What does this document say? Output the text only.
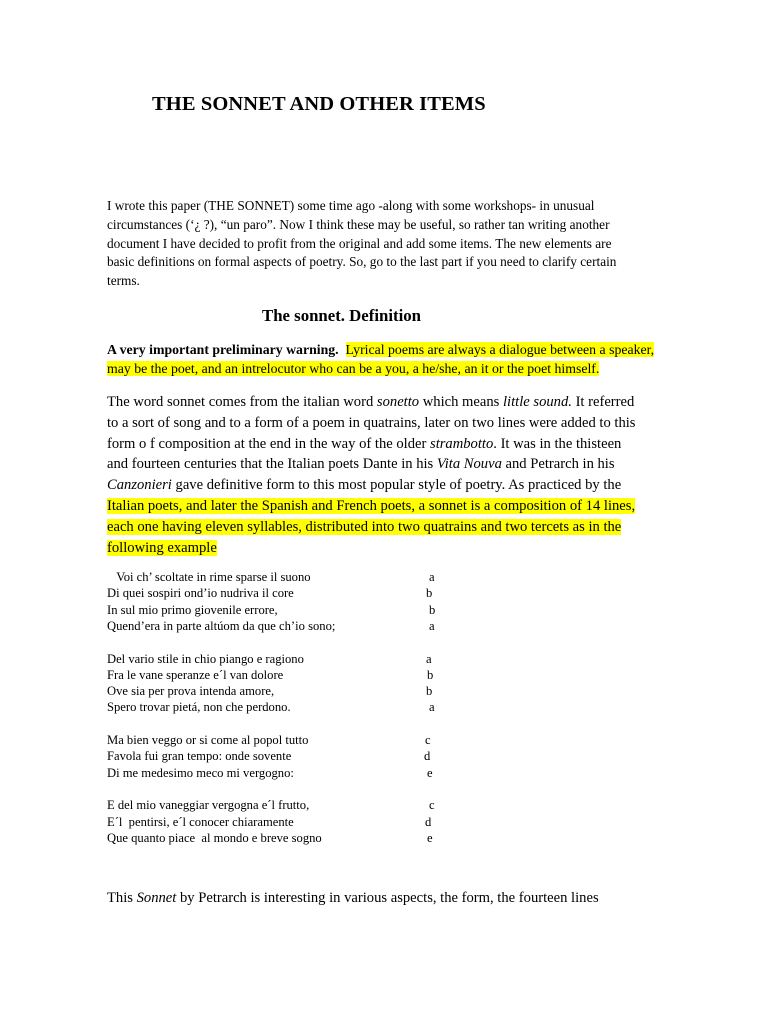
THE SONNET AND OTHER ITEMS

I wrote this paper (THE SONNET) some time ago -along with some workshops- in unusual

circumstances (‘¿ ?), “un paro”. Now I think these may be useful, so rather tan writing another

document I have decided to profit from the original and add some items. The new elements are

basic definitions on formal aspects of poetry. So, go to the last part if you need to clarify certain

terms.

The sonnet. Definition

A very important preliminary warning. Lyrical poems are always a dialogue between a speaker,

may be the poet, and an intrelocutor who can be a you, a he/she, an it or the poet himself.

The word sonnet comes from the italian word sonetto which means little sound. It referred

to a sort of song and to a form of a poem in quatrains, later on two lines were added to this

form o f composition at the end in the way of the older strambotto. It was in the thisteen

and fourteen centuries that the Italian poets Dante in his Vita Nouva and Petrarch in his

Canzonieri gave definitive form to this most popular style of poetry. As practiced by the

Italian poets, and later the Spanish and French poets, a sonnet is a composition of 14 lines,

each one having eleven syllables, distributed into two quatrains and two tercets as in the

following example

Voi ch’ scoltate in rime sparse il suono	a
Di quei sospiri ond’io nudriva il core	b
In sul mio primo giovenile errore,	b
Quend’era in parte altúom da que ch’io sono;	a
Del vario stile in chio piango e ragiono	a
Fra le vane speranze e´l van dolore	b
Ove sia per prova intenda amore,	b
Spero trovar pietá, non che perdono.	a
Ma bien veggo or si come al popol tutto	c
Favola fui gran tempo: onde sovente	d
Di me medesimo meco mi vergogno:	e
E del mio vaneggiar vergogna e´l frutto,	c
E´l  pentirsi, e´l conocer chiaramente	d
Que quanto piace  al mondo e breve sogno	e
This Sonnet by Petrarch is interesting in various aspects, the form, the fourteen lines
